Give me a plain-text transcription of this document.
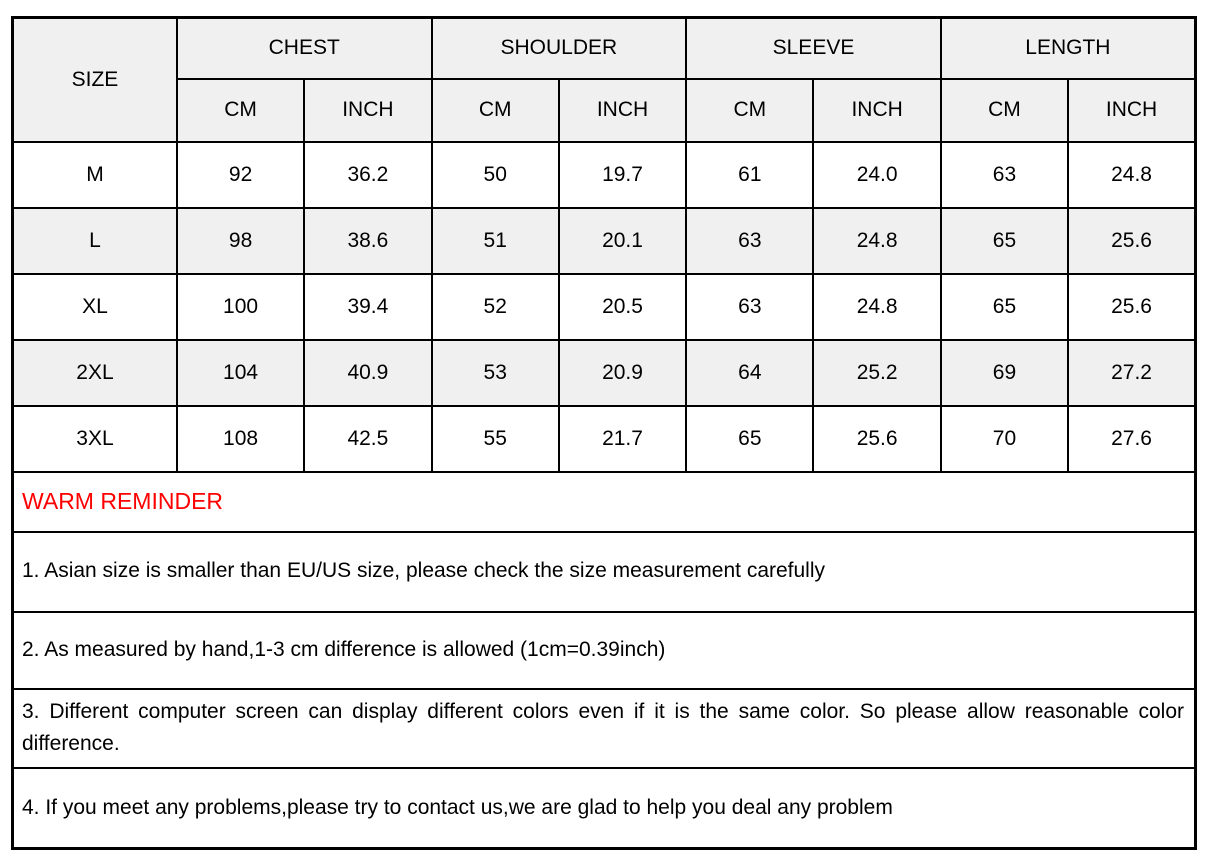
SIZE	CHEST		SHOULDER		SLEEVE		LENGTH	
	CM	INCH	CM	INCH	CM	INCH	CM	INCH
M	92	36.2	50	19.7	61	24.0	63	24.8
L	98	38.6	51	20.1	63	24.8	65	25.6
XL	100	39.4	52	20.5	63	24.8	65	25.6
2XL	104	40.9	53	20.9	64	25.2	69	27.2
3XL	108	42.5	55	21.7	65	25.6	70	27.6
WARM REMINDER								
1. Asian size is smaller than EU/US size, please check the size measurement carefully								
2. As measured by hand,1-3 cm difference is allowed (1cm=0.39inch)								
3. Different computer screen can display different colors even if it is the same color. So please allow reasonable color difference.								
4. If you meet any problems,please try to contact us,we are glad to help you deal any problem								
